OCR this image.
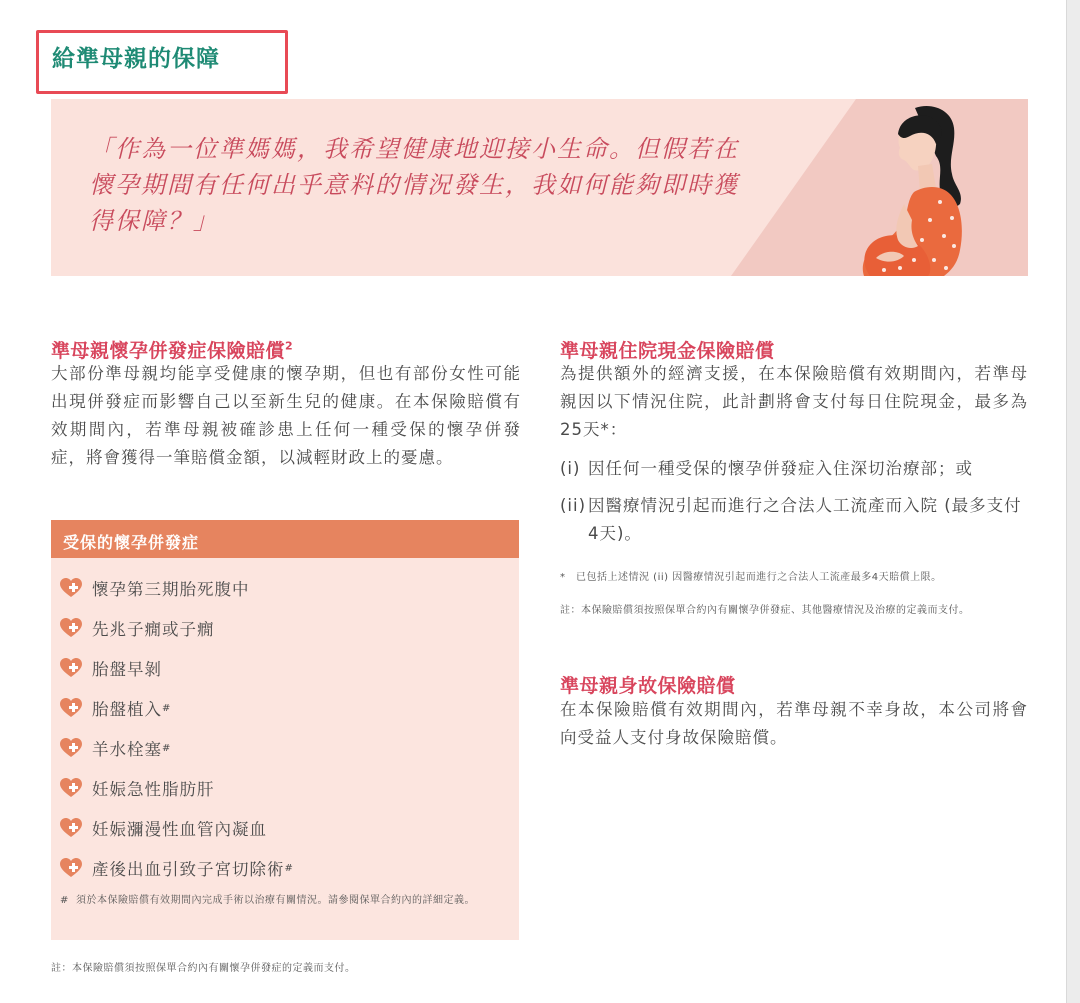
給準母親的保障

「作為一位準媽媽，我希望健康地迎接小生命。但假若在懷孕期間有任何出乎意料的情況發生，我如何能夠即時獲得保障？」

準母親懷孕併發症保險賠償$^2$

大部份準母親均能享受健康的懷孕期，但也有部份女性可能出現併發症而影響自己以至新生兒的健康。在本保險賠償有效期間內，若準母親被確診患上任何一種受保的懷孕併發症，將會獲得一筆賠償金額，以減輕財政上的憂慮。

受保的懷孕併發症
懷孕第三期胎死腹中
先兆子癇或子癇
胎盤早剝
胎盤植入 #
羊水栓塞 #
妊娠急性脂肪肝
妊娠瀰漫性血管內凝血
產後出血引致子宮切除術 #
# 須於本保險賠償有效期間內完成手術以治療有關情況。請參閱保單合約內的詳細定義。

註：本保險賠償須按照保單合約內有關懷孕併發症的定義而支付。

準母親住院現金保險賠償

為提供額外的經濟支援，在本保險賠償有效期間內，若準母親因以下情況住院，此計劃將會支付每日住院現金，最多為25天*：

(i) 因任何一種受保的懷孕併發症入住深切治療部；或
(ii) 因醫療情況引起而進行之合法人工流產而入院 (最多支付4天)。
*	已包括上述情況 (ii) 因醫療情況引起而進行之合法人工流產最多4天賠償上限。

註：本保險賠償須按照保單合約內有關懷孕併發症、其他醫療情況及治療的定義而支付。

準母親身故保險賠償

在本保險賠償有效期間內，若準母親不幸身故，本公司將會向受益人支付身故保險賠償。
